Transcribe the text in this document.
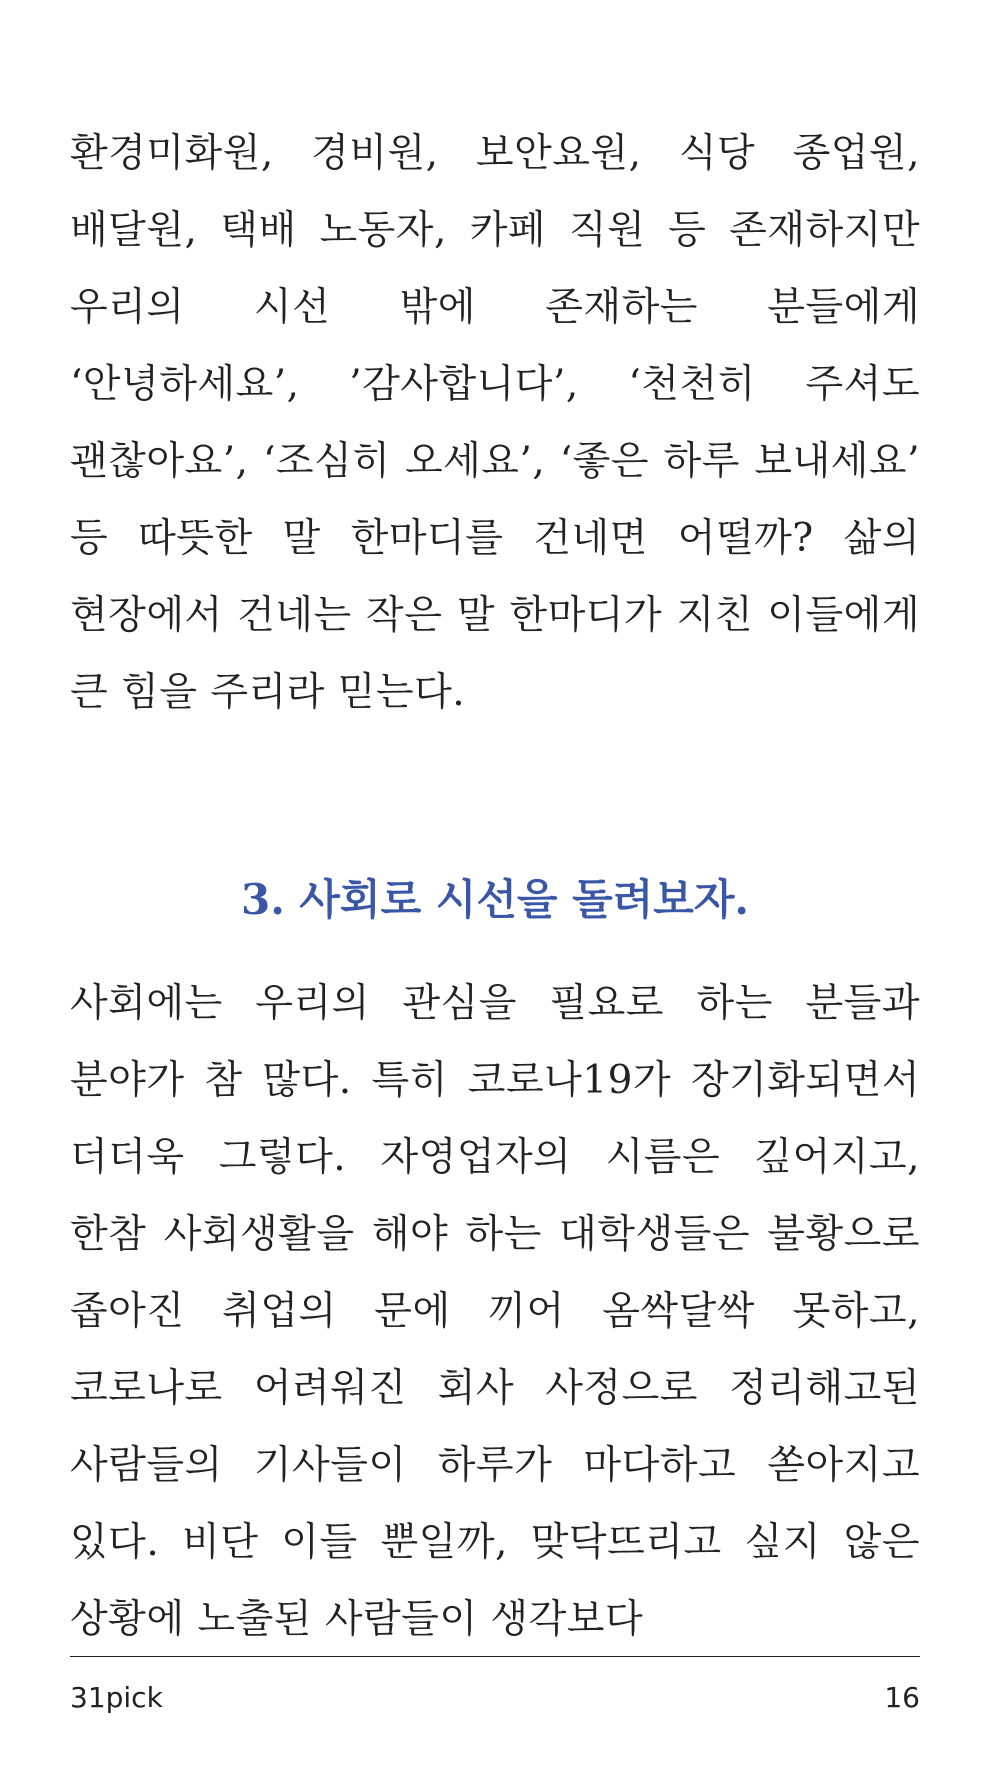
환경미화원, 경비원, 보안요원, 식당 종업원, 배달원, 택배 노동자, 카페 직원 등 존재하지만 우리의 시선 밖에 존재하는 분들에게 ‘안녕하세요’, ’감사합니다’, ‘천천히 주셔도 괜찮아요’, ‘조심히 오세요’, ‘좋은 하루 보내세요’ 등 따뜻한 말 한마디를 건네면 어떨까? 삶의 현장에서 건네는 작은 말 한마디가 지친 이들에게 큰 힘을 주리라 믿는다.

3. 사회로 시선을 돌려보자.

사회에는 우리의 관심을 필요로 하는 분들과 분야가 참 많다. 특히 코로나19가 장기화되면서 더더욱 그렇다. 자영업자의 시름은 깊어지고, 한참 사회생활을 해야 하는 대학생들은 불황으로 좁아진 취업의 문에 끼어 옴싹달싹 못하고, 코로나로 어려워진 회사 사정으로 정리해고된 사람들의 기사들이 하루가 마다하고 쏟아지고 있다. 비단 이들 뿐일까, 맞닥뜨리고 싶지 않은 상황에 노출된 사람들이 생각보다

31pick	16
